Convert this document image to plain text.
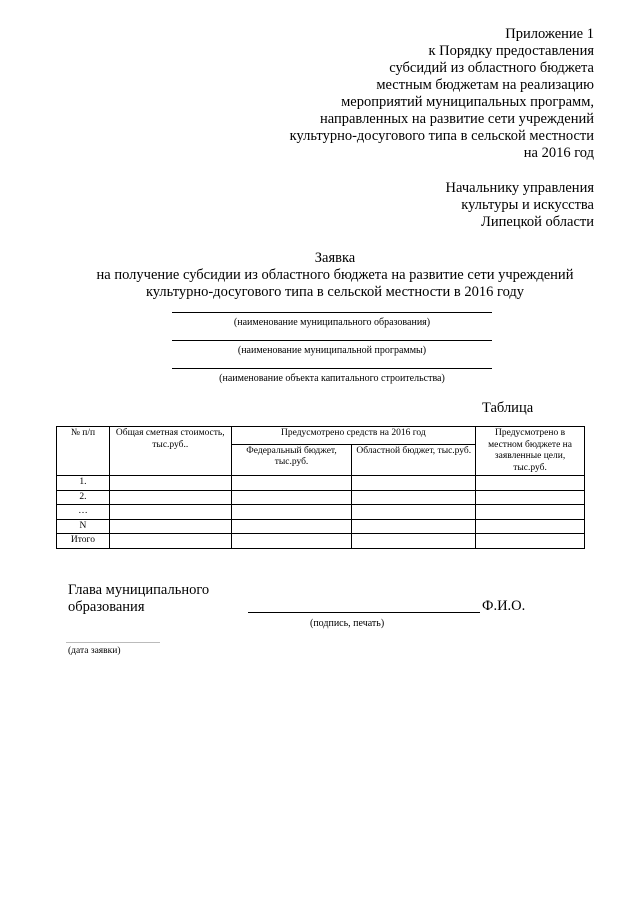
Приложение 1
к Порядку предоставления
субсидий из областного бюджета
местным бюджетам на реализацию
мероприятий муниципальных программ,
направленных на развитие сети учреждений
культурно-досугового типа в сельской местности
на 2016 год
Начальнику управления
культуры и искусства
Липецкой области
Заявка
на получение субсидии из областного бюджета на развитие сети учреждений
культурно-досугового типа в сельской местности в 2016 году
(наименование муниципального образования)
(наименование муниципальной программы)
(наименование объекта капитального строительства)
Таблица
№ п/п	Общая сметная стоимость, тыс.руб..	Предусмотрено средств на 2016 год		Предусмотрено в местном бюджете на заявленные цели, тыс.руб.
		Федеральный бюджет, тыс.руб.	Областной бюджет, тыс.руб.	
1.				
2.				
…				
N				
Итого				
Глава муниципального
образования	Ф.И.О.
(подпись, печать)
(дата заявки)
